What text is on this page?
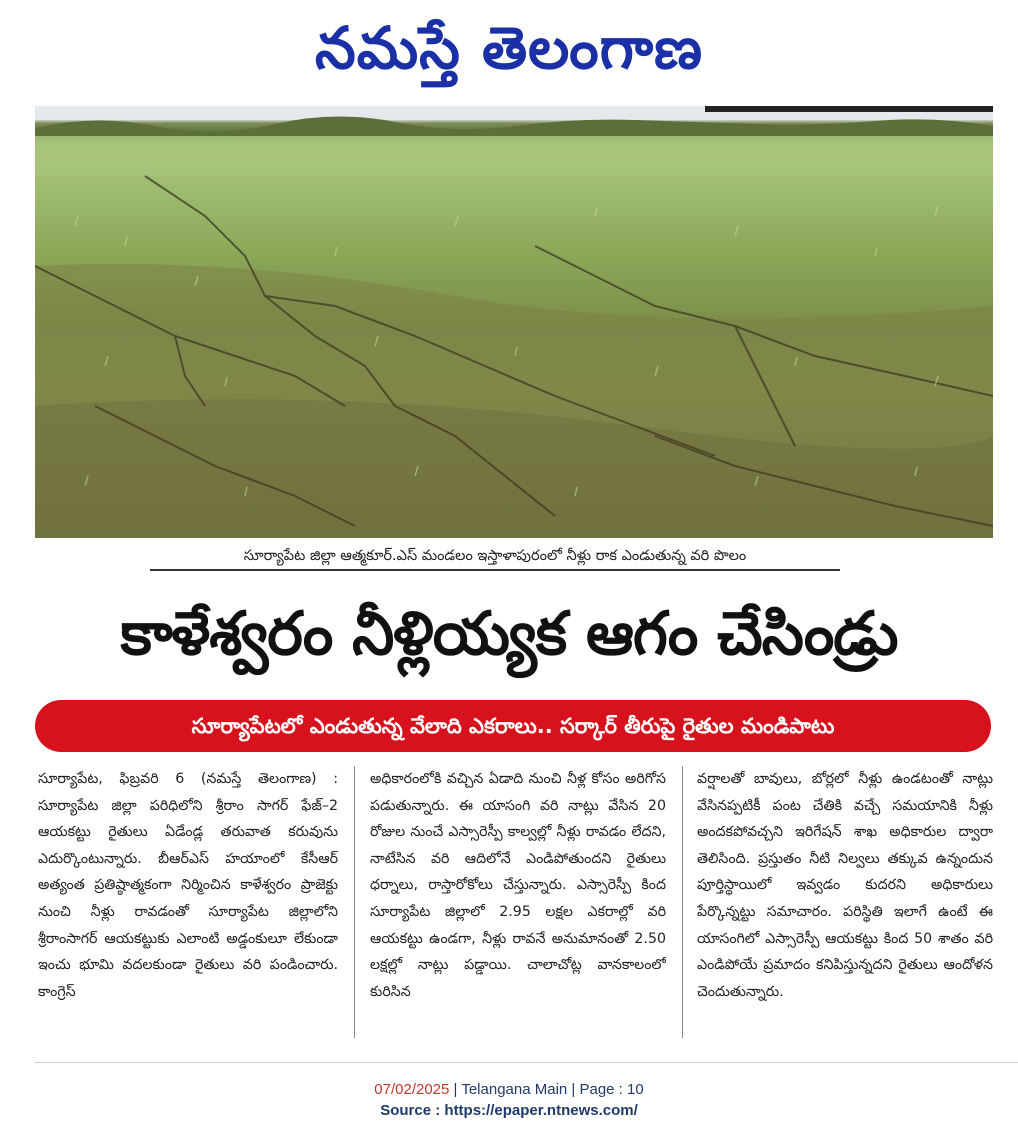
నమస్తే తెలంగాణ
సూర్యాపేట జిల్లా ఆత్మకూర్.ఎస్ మండలం ఇస్తాళాపురంలో నీళ్లు రాక ఎండుతున్న వరి పొలం
కాళేశ్వరం నీళ్లియ్యక ఆగం చేసిండ్రు
సూర్యాపేటలో ఎండుతున్న వేలాది ఎకరాలు.. సర్కార్ తీరుపై రైతుల మండిపాటు
సూర్యాపేట, ఫిబ్రవరి 6 (నమస్తే తెలంగాణ) : సూర్యాపేట జిల్లా పరిధిలోని శ్రీరాం సాగర్ ఫేజ్–2 ఆయకట్టు రైతులు ఏడేండ్ల తరువాత కరువును ఎదుర్కొంటున్నారు. బీఆర్ఎస్ హయాంలో కేసీఆర్ అత్యంత ప్రతిష్ఠాత్మకంగా నిర్మించిన కాళేశ్వరం ప్రాజెక్టు నుంచి నీళ్లు రావడంతో సూర్యాపేట జిల్లాలోని శ్రీరాంసాగర్ ఆయకట్టుకు ఎలాంటి అడ్డంకులూ లేకుండా ఇంచు భూమి వదలకుండా రైతులు వరి పండించారు. కాంగ్రెస్
అధికారంలోకి వచ్చిన ఏడాది నుంచి నీళ్ల కోసం అరిగోస పడుతున్నారు. ఈ యాసంగి వరి నాట్లు వేసిన 20 రోజుల నుంచే ఎస్సారెస్పీ కాల్వల్లో నీళ్లు రావడం లేదని, నాటేసిన వరి ఆదిలోనే ఎండిపోతుందని రైతులు ధర్నాలు, రాస్తారోకోలు చేస్తున్నారు. ఎస్సారెస్పీ కింద సూర్యాపేట జిల్లాలో 2.95 లక్షల ఎకరాల్లో వరి ఆయకట్టు ఉండగా, నీళ్లు రావనే అనుమానంతో 2.50 లక్షల్లో నాట్లు పడ్డాయి. చాలాచోట్ల వానకాలంలో కురిసిన
వర్షాలతో బావులు, బోర్లలో నీళ్లు ఉండటంతో నాట్లు వేసినప్పటికీ పంట చేతికి వచ్చే సమయానికి నీళ్లు అందకపోవచ్చని ఇరిగేషన్ శాఖ అధికారుల ద్వారా తెలిసింది. ప్రస్తుతం నీటి నిల్వలు తక్కువ ఉన్నందున పూర్తిస్థాయిలో ఇవ్వడం కుదరని అధికారులు పేర్కొన్నట్టు సమాచారం. పరిస్థితి ఇలాగే ఉంటే ఈ యాసంగిలో ఎస్సారెస్పీ ఆయకట్టు కింద 50 శాతం వరి ఎండిపోయే ప్రమాదం కనిపిస్తున్నదని రైతులు ఆందోళన చెందుతున్నారు.
07/02/2025 | Telangana Main | Page : 10
Source : https://epaper.ntnews.com/
